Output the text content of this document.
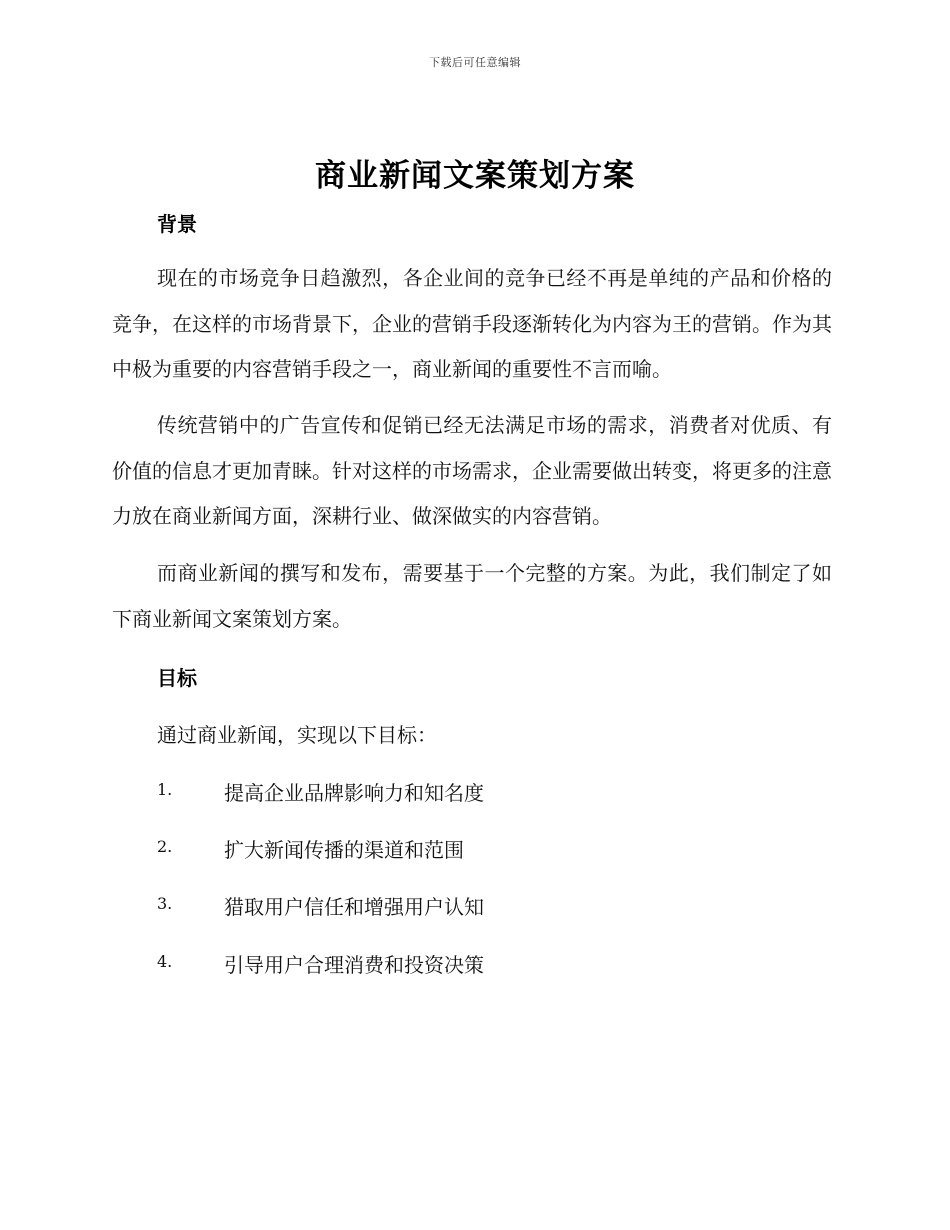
下载后可任意编辑
商业新闻文案策划方案
背景

现在的市场竞争日趋激烈，各企业间的竞争已经不再是单纯的产品和价格的竞争，在这样的市场背景下，企业的营销手段逐渐转化为内容为王的营销。作为其中极为重要的内容营销手段之一，商业新闻的重要性不言而喻。

传统营销中的广告宣传和促销已经无法满足市场的需求，消费者对优质、有价值的信息才更加青睐。针对这样的市场需求，企业需要做出转变，将更多的注意力放在商业新闻方面，深耕行业、做深做实的内容营销。

而商业新闻的撰写和发布，需要基于一个完整的方案。为此，我们制定了如下商业新闻文案策划方案。

目标

通过商业新闻，实现以下目标：

1.	提高企业品牌影响力和知名度
2.	扩大新闻传播的渠道和范围
3.	猎取用户信任和增强用户认知
4.	引导用户合理消费和投资决策
